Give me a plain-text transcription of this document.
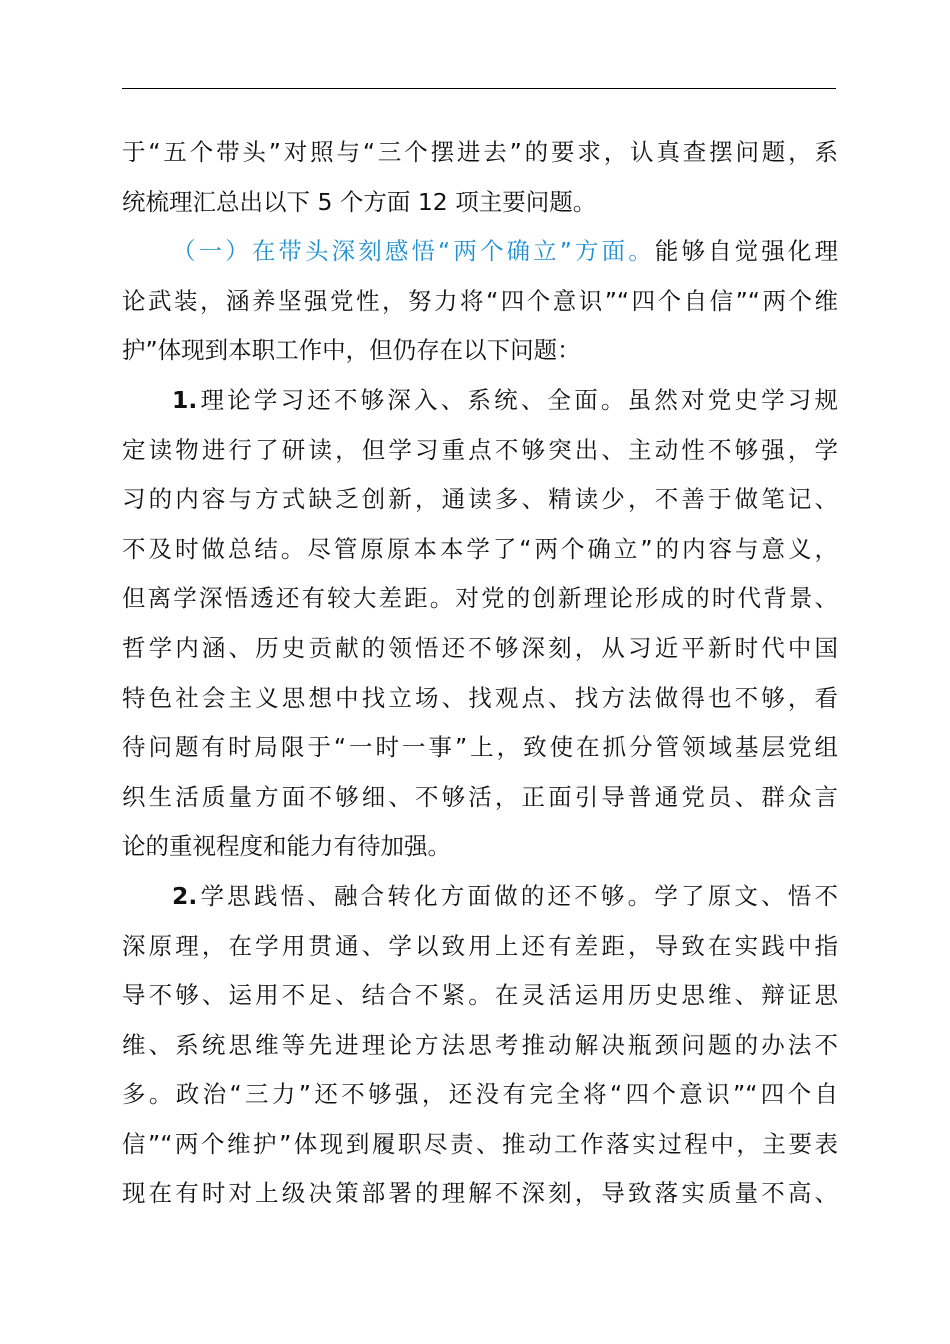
于“五个带头”对照与“三个摆进去”的要求，认真查摆问题，系
统梳理汇总出以下 5 个方面 12 项主要问题。
（一）在带头深刻感悟“两个确立”方面。能够自觉强化理
论武装，涵养坚强党性，努力将“四个意识”“四个自信”“两个维
护”体现到本职工作中，但仍存在以下问题：
1.理论学习还不够深入、系统、全面。虽然对党史学习规
定读物进行了研读，但学习重点不够突出、主动性不够强，学
习的内容与方式缺乏创新，通读多、精读少，不善于做笔记、
不及时做总结。尽管原原本本学了“两个确立”的内容与意义，
但离学深悟透还有较大差距。对党的创新理论形成的时代背景、
哲学内涵、历史贡献的领悟还不够深刻，从习近平新时代中国
特色社会主义思想中找立场、找观点、找方法做得也不够，看
待问题有时局限于“一时一事”上，致使在抓分管领域基层党组
织生活质量方面不够细、不够活，正面引导普通党员、群众言
论的重视程度和能力有待加强。
2.学思践悟、融合转化方面做的还不够。学了原文、悟不
深原理，在学用贯通、学以致用上还有差距，导致在实践中指
导不够、运用不足、结合不紧。在灵活运用历史思维、辩证思
维、系统思维等先进理论方法思考推动解决瓶颈问题的办法不
多。政治“三力”还不够强，还没有完全将“四个意识”“四个自
信”“两个维护”体现到履职尽责、推动工作落实过程中，主要表
现在有时对上级决策部署的理解不深刻，导致落实质量不高、
